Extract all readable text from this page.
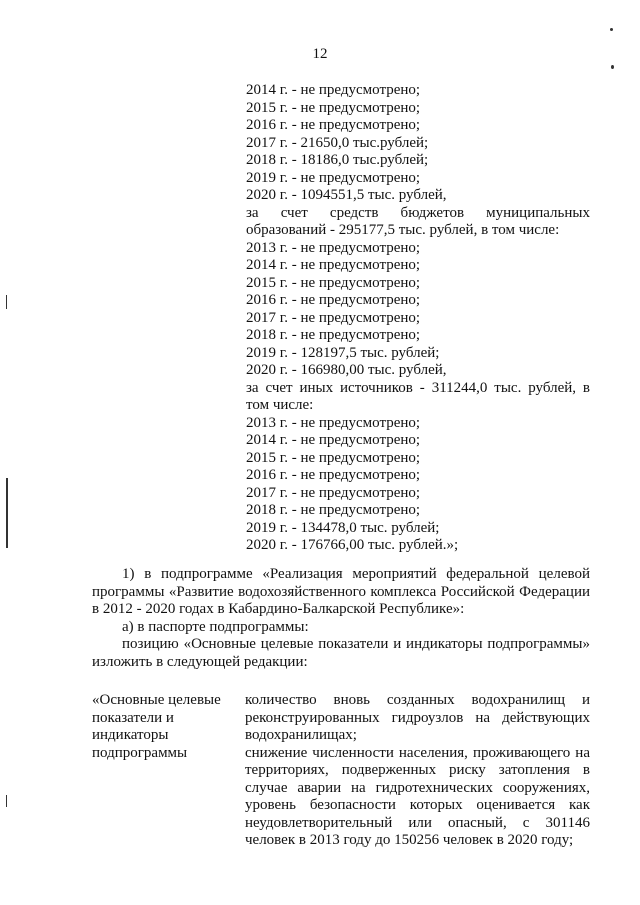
12
2014 г. - не предусмотрено;
2015 г. - не предусмотрено;
2016 г. - не предусмотрено;
2017 г. - 21650,0 тыс.рублей;
2018 г. - 18186,0 тыс.рублей;
2019 г. - не предусмотрено;
2020 г. - 1094551,5 тыс. рублей,
за счет средств бюджетов муниципальных
образований - 295177,5 тыс. рублей, в том числе:
2013 г. - не предусмотрено;
2014 г. - не предусмотрено;
2015 г. - не предусмотрено;
2016 г. - не предусмотрено;
2017 г. - не предусмотрено;
2018 г. - не предусмотрено;
2019 г. - 128197,5 тыс. рублей;
2020 г. - 166980,00 тыс. рублей,
за счет иных источников - 311244,0 тыс. рублей, в том числе:
2013 г. - не предусмотрено;
2014 г. - не предусмотрено;
2015 г. - не предусмотрено;
2016 г. - не предусмотрено;
2017 г. - не предусмотрено;
2018 г. - не предусмотрено;
2019 г. - 134478,0 тыс. рублей;
2020 г. - 176766,00 тыс. рублей.»;
1) в подпрограмме «Реализация мероприятий федеральной целевой программы «Развитие водохозяйственного комплекса Российской Федерации в 2012 - 2020 годах в Кабардино-Балкарской Республике»:
а) в паспорте подпрограммы:
позицию «Основные целевые показатели и индикаторы подпрограммы» изложить в следующей редакции:
«Основные целевые показатели и индикаторы подпрограммы
количество вновь созданных водохранилищ и реконструированных гидроузлов на действующих водохранилищах;
снижение численности населения, проживающего на территориях, подверженных риску затопления в случае аварии на гидротехнических сооружениях, уровень безопасности которых оценивается как неудовлетворительный или опасный, с 301146 человек в 2013 году до 150256 человек в 2020 году;
